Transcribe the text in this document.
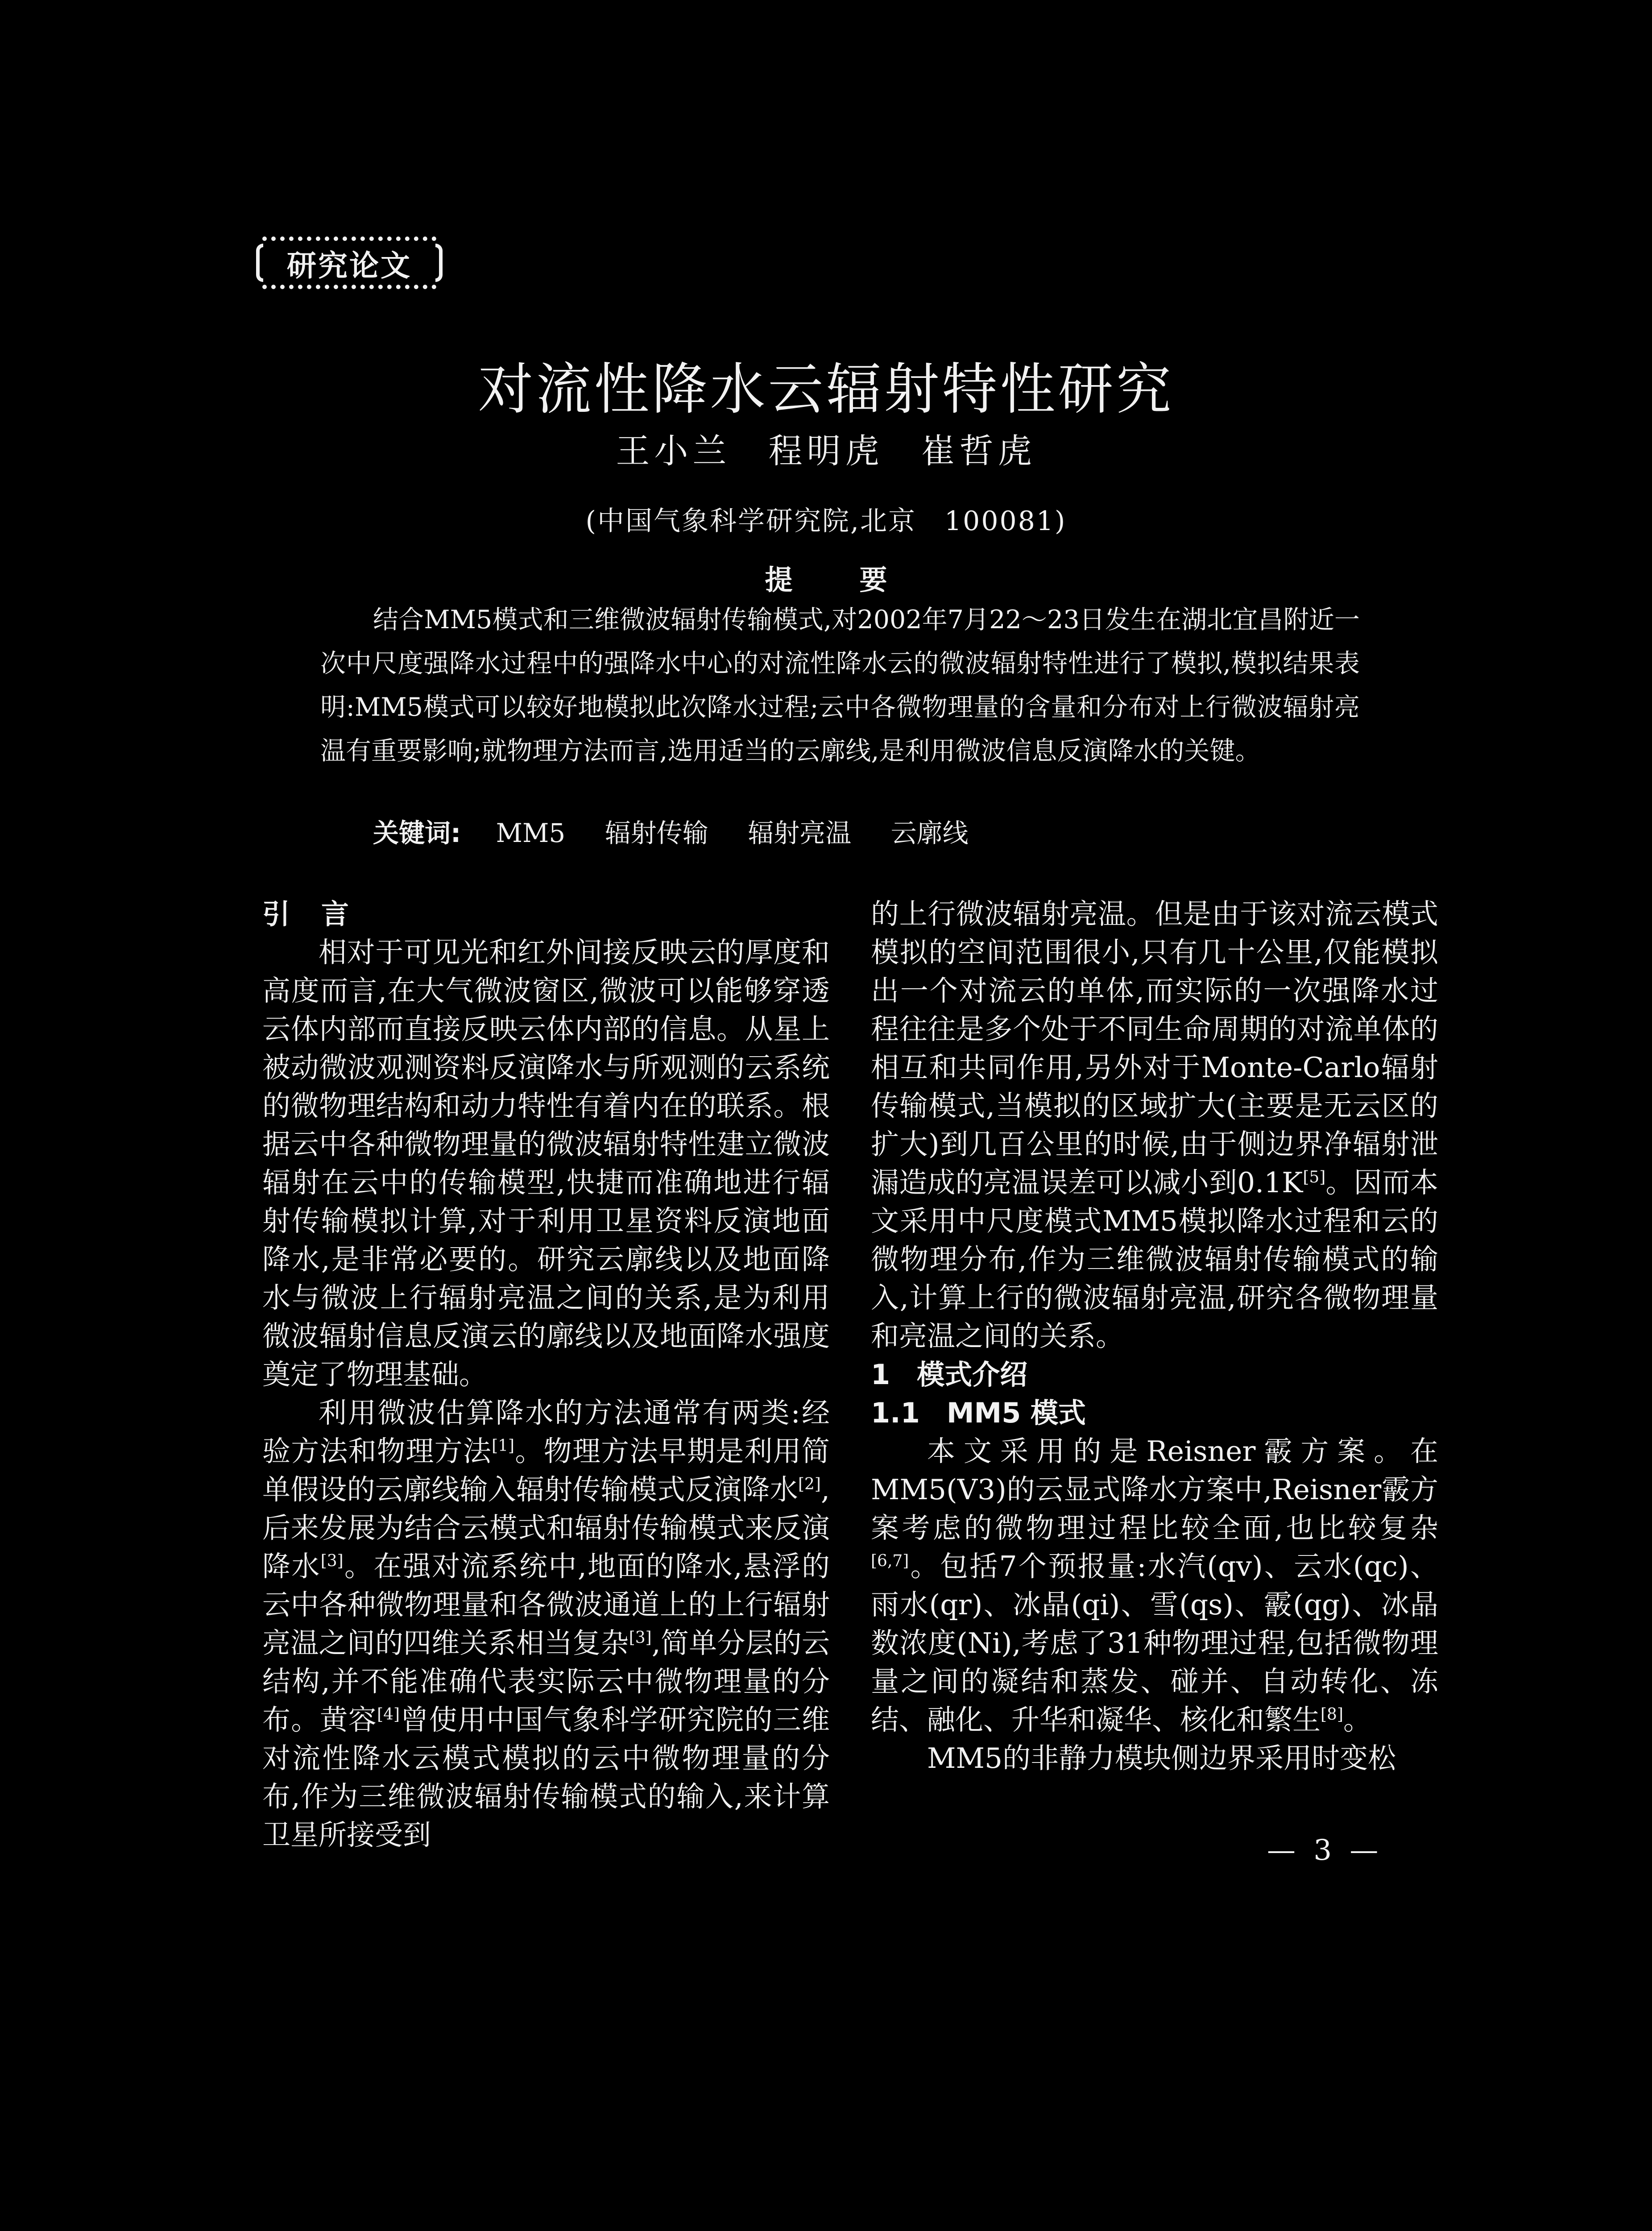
研究论文
对流性降水云辐射特性研究
王小兰 程明虎 崔哲虎
(中国气象科学研究院,北京　100081)
提要

结合MM5模式和三维微波辐射传输模式,对2002年7月22～23日发生在湖北宜昌附近一次中尺度强降水过程中的强降水中心的对流性降水云的微波辐射特性进行了模拟,模拟结果表明:MM5模式可以较好地模拟此次降水过程;云中各微物理量的含量和分布对上行微波辐射亮温有重要影响;就物理方法而言,选用适当的云廓线,是利用微波信息反演降水的关键。

关键词: MM5 辐射传输 辐射亮温 云廓线
引 言

相对于可见光和红外间接反映云的厚度和高度而言,在大气微波窗区,微波可以能够穿透云体内部而直接反映云体内部的信息。从星上被动微波观测资料反演降水与所观测的云系统的微物理结构和动力特性有着内在的联系。根据云中各种微物理量的微波辐射特性建立微波辐射在云中的传输模型,快捷而准确地进行辐射传输模拟计算,对于利用卫星资料反演地面降水,是非常必要的。研究云廓线以及地面降水与微波上行辐射亮温之间的关系,是为利用微波辐射信息反演云的廓线以及地面降水强度奠定了物理基础。

利用微波估算降水的方法通常有两类:经验方法和物理方法[1]。物理方法早期是利用简单假设的云廓线输入辐射传输模式反演降水[2],后来发展为结合云模式和辐射传输模式来反演降水[3]。在强对流系统中,地面的降水,悬浮的云中各种微物理量和各微波通道上的上行辐射亮温之间的四维关系相当复杂[3],简单分层的云结构,并不能准确代表实际云中微物理量的分布。黄容[4]曾使用中国气象科学研究院的三维对流性降水云模式模拟的云中微物理量的分布,作为三维微波辐射传输模式的输入,来计算卫星所接受到

的上行微波辐射亮温。但是由于该对流云模式模拟的空间范围很小,只有几十公里,仅能模拟出一个对流云的单体,而实际的一次强降水过程往往是多个处于不同生命周期的对流单体的相互和共同作用,另外对于Monte-Carlo辐射传输模式,当模拟的区域扩大(主要是无云区的扩大)到几百公里的时候,由于侧边界净辐射泄漏造成的亮温误差可以减小到0.1K[5]。因而本文采用中尺度模式MM5模拟降水过程和云的微物理分布,作为三维微波辐射传输模式的输入,计算上行的微波辐射亮温,研究各微物理量和亮温之间的关系。

1 模式介绍
1.1 MM5 模式

本文采用的是Reisner霰方案。在MM5(V3)的云显式降水方案中,Reisner霰方案考虑的微物理过程比较全面,也比较复杂[6,7]。包括7个预报量:水汽(qv)、云水(qc)、雨水(qr)、冰晶(qi)、雪(qs)、霰(qg)、冰晶数浓度(Ni),考虑了31种物理过程,包括微物理量之间的凝结和蒸发、碰并、自动转化、冻结、融化、升华和凝华、核化和繁生[8]。

MM5的非静力模块侧边界采用时变松

— 3 —
